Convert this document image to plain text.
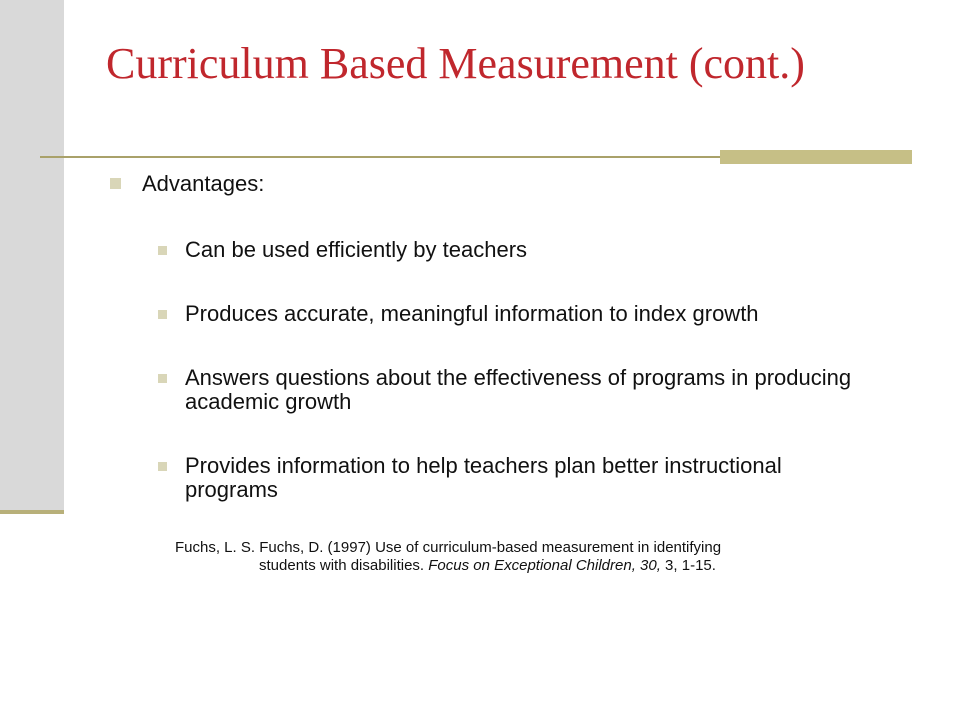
Curriculum Based Measurement (cont.)
Advantages:
Can be used efficiently by teachers
Produces accurate, meaningful information to index growth
Answers questions about the effectiveness of programs in producing academic growth
Provides information to help teachers plan better instructional programs
Fuchs, L. S. Fuchs, D. (1997) Use of curriculum-based measurement in identifying
students with disabilities. Focus on Exceptional Children, 30, 3, 1-15.
